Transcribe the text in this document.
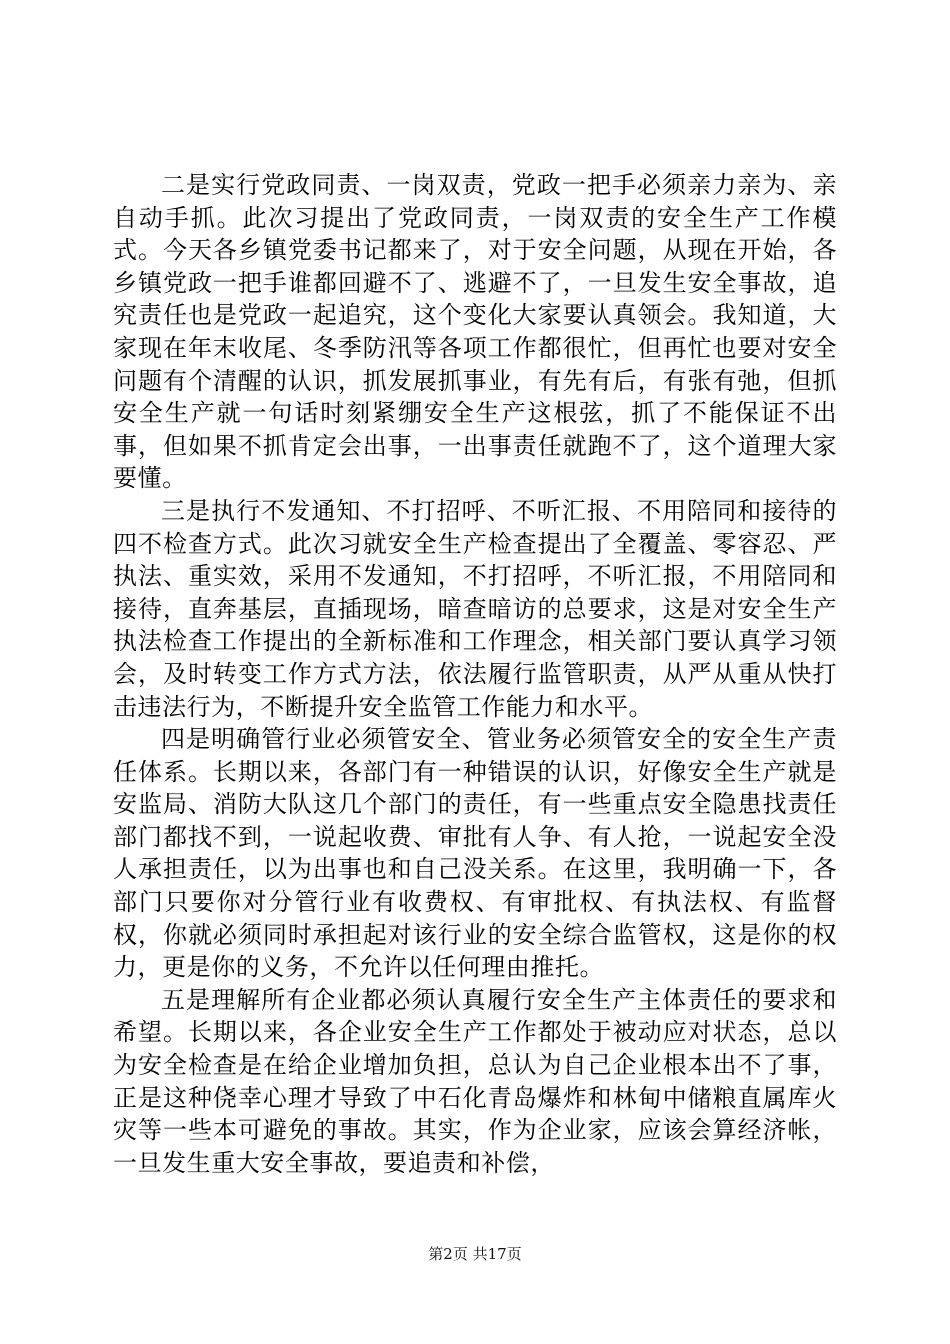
二是实行党政同责、一岗双责，党政一把手必须亲力亲为、亲自动手抓。此次习提出了党政同责，一岗双责的安全生产工作模式。今天各乡镇党委书记都来了，对于安全问题，从现在开始，各乡镇党政一把手谁都回避不了、逃避不了，一旦发生安全事故，追究责任也是党政一起追究，这个变化大家要认真领会。我知道，大家现在年末收尾、冬季防汛等各项工作都很忙，但再忙也要对安全问题有个清醒的认识，抓发展抓事业，有先有后，有张有弛，但抓安全生产就一句话时刻紧绷安全生产这根弦，抓了不能保证不出事，但如果不抓肯定会出事，一出事责任就跑不了，这个道理大家要懂。

三是执行不发通知、不打招呼、不听汇报、不用陪同和接待的四不检查方式。此次习就安全生产检查提出了全覆盖、零容忍、严执法、重实效，采用不发通知，不打招呼，不听汇报，不用陪同和接待，直奔基层，直插现场，暗查暗访的总要求，这是对安全生产执法检查工作提出的全新标准和工作理念，相关部门要认真学习领会，及时转变工作方式方法，依法履行监管职责，从严从重从快打击违法行为，不断提升安全监管工作能力和水平。

四是明确管行业必须管安全、管业务必须管安全的安全生产责任体系。长期以来，各部门有一种错误的认识，好像安全生产就是安监局、消防大队这几个部门的责任，有一些重点安全隐患找责任部门都找不到，一说起收费、审批有人争、有人抢，一说起安全没人承担责任，以为出事也和自己没关系。在这里，我明确一下，各部门只要你对分管行业有收费权、有审批权、有执法权、有监督权，你就必须同时承担起对该行业的安全综合监管权，这是你的权力，更是你的义务，不允许以任何理由推托。

五是理解所有企业都必须认真履行安全生产主体责任的要求和希望。长期以来，各企业安全生产工作都处于被动应对状态，总以为安全检查是在给企业增加负担，总认为自己企业根本出不了事，正是这种侥幸心理才导致了中石化青岛爆炸和林甸中储粮直属库火灾等一些本可避免的事故。其实，作为企业家，应该会算经济帐，一旦发生重大安全事故，要追责和补偿，

第2页 共17页
